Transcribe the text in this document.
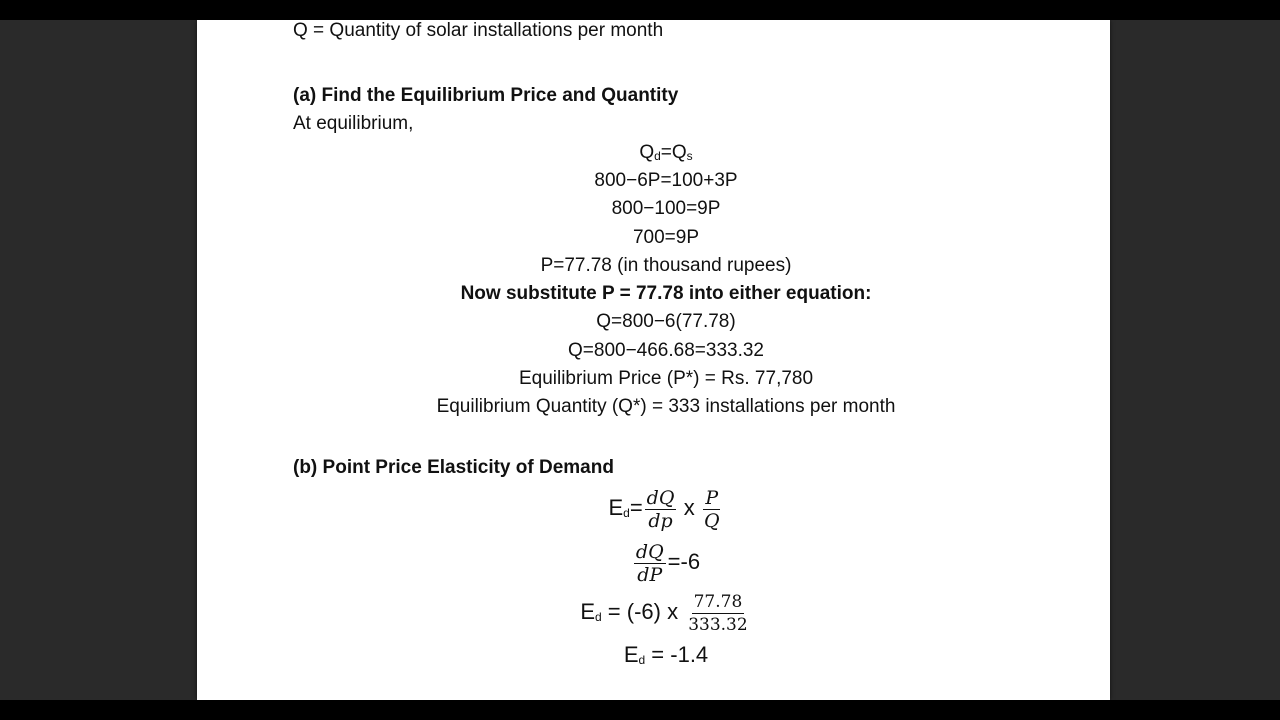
Q = Quantity of solar installations per month
(a) Find the Equilibrium Price and Quantity
At equilibrium,
$Q_d=Q_s$
800−6P=100+3P
800−100=9P
700=9P
P=77.78 (in thousand rupees)
Now substitute P = 77.78 into either equation:
Q=800−6(77.78)
Q=800−466.68=333.32
Equilibrium Price (P*) = Rs. 77,780
Equilibrium Quantity (Q*) = 333 installations per month
(b) Point Price Elasticity of Demand
$E_d= \frac{dQ}{dp}$ x $\frac{P}{Q}$
$\frac{dQ}{dP} =-6$
$E_d = (-6)$ x $\frac{77.78}{333.32}$
$E_d = -1.4$
